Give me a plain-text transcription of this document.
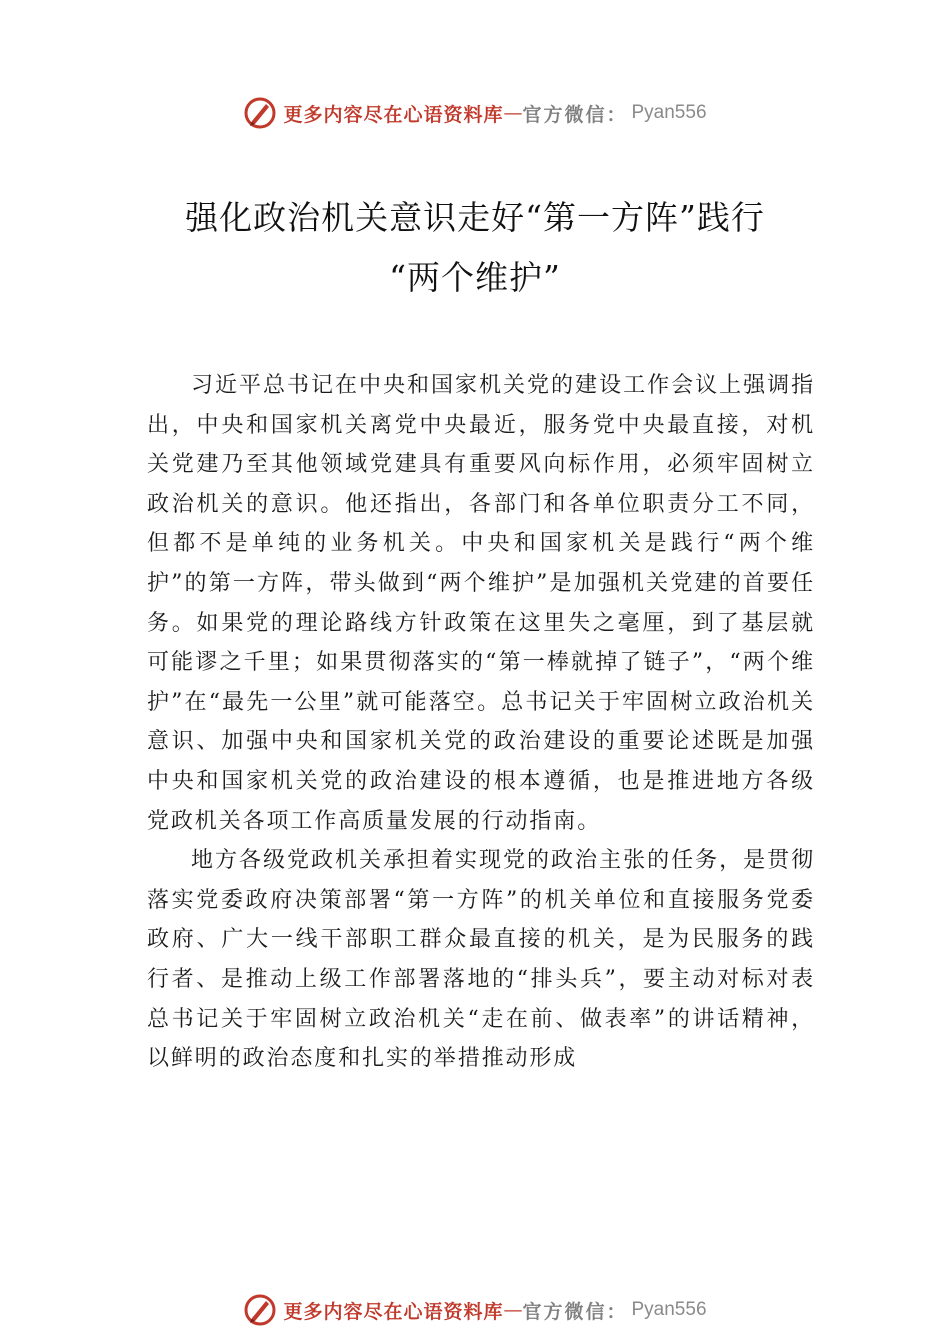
更多内容尽在心语资料库 — 官方微信： Pyan556
强化政治机关意识走好“第一方阵”践行
“两个维护”

习近平总书记在中央和国家机关党的建设工作会议上强调指出，中央和国家机关离党中央最近，服务党中央最直接，对机关党建乃至其他领域党建具有重要风向标作用，必须牢固树立政治机关的意识。他还指出，各部门和各单位职责分工不同，但都不是单纯的业务机关。中央和国家机关是践行“两个维护”的第一方阵，带头做到“两个维护”是加强机关党建的首要任务。如果党的理论路线方针政策在这里失之毫厘，到了基层就可能谬之千里；如果贯彻落实的“第一棒就掉了链子”，“两个维护”在“最先一公里”就可能落空。总书记关于牢固树立政治机关意识、加强中央和国家机关党的政治建设的重要论述既是加强中央和国家机关党的政治建设的根本遵循，也是推进地方各级党政机关各项工作高质量发展的行动指南。

地方各级党政机关承担着实现党的政治主张的任务，是贯彻落实党委政府决策部署“第一方阵”的机关单位和直接服务党委政府、广大一线干部职工群众最直接的机关，是为民服务的践行者、是推动上级工作部署落地的“排头兵”，要主动对标对表总书记关于牢固树立政治机关“走在前、做表率”的讲话精神，以鲜明的政治态度和扎实的举措推动形成

更多内容尽在心语资料库 — 官方微信： Pyan556
